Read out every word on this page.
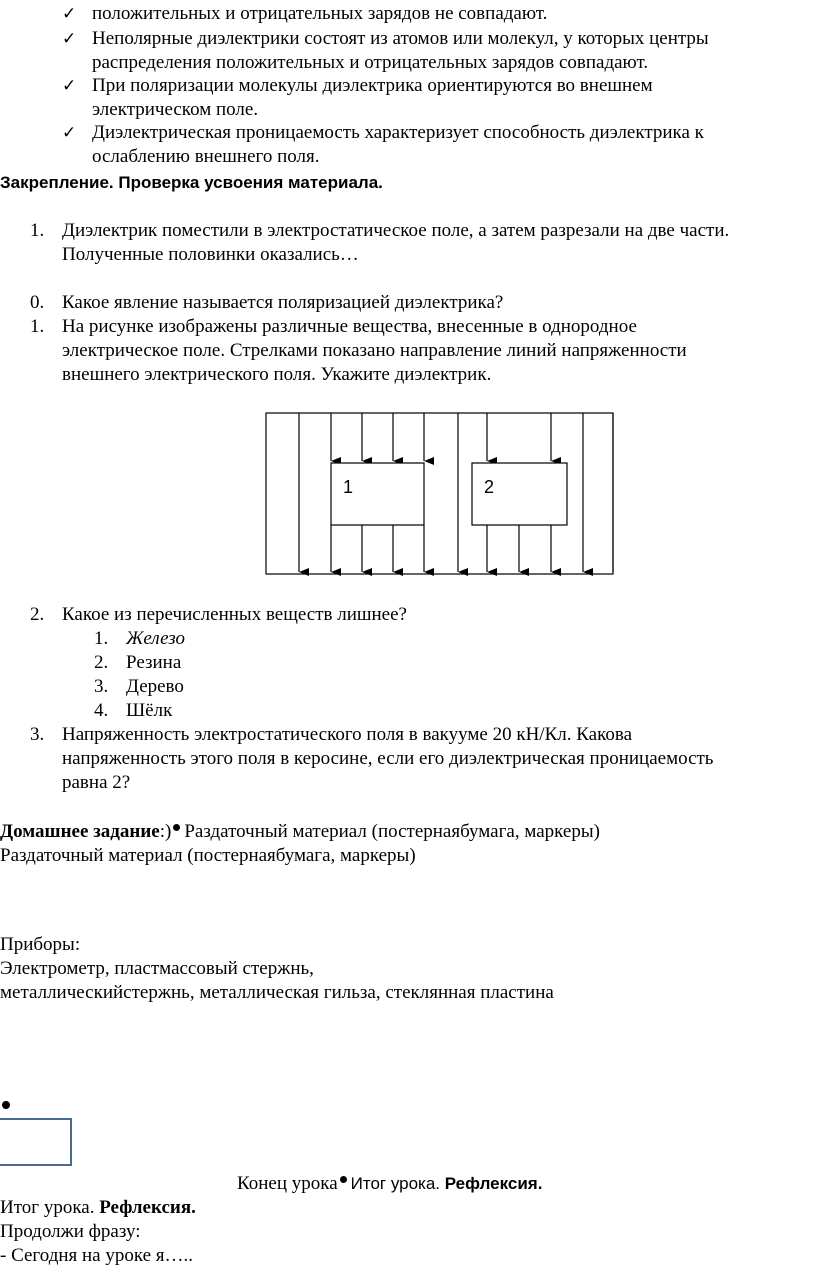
✓ положительных и отрицательных зарядов не совпадают.
✓ Неполярные диэлектрики состоят из атомов или молекул, у которых центры
распределения положительных и отрицательных зарядов совпадают.
✓ При поляризации молекулы диэлектрика ориентируются во внешнем
электрическом поле.
✓ Диэлектрическая проницаемость характеризует способность диэлектрика к
ослаблению внешнего поля.
Закрепление. Проверка усвоения материала.
1. Диэлектрик поместили в электростатическое поле, а затем разрезали на две части.
Полученные половинки оказались…
0. Какое явление называется поляризацией диэлектрика?
1. На рисунке изображены различные вещества, внесенные в однородное
электрическое поле. Стрелками показано направление линий напряженности
внешнего электрического поля. Укажите диэлектрик.
1	2
2. Какое из перечисленных веществ лишнее?
1. Железо
2. Резина
3. Дерево
4. Шёлк
3. Напряженность электростатического поля в вакууме 20 кН/Кл. Какова
напряженность этого поля в керосине, если его диэлектрическая проницаемость
равна 2?
Домашнее задание:) Раздаточный материал (постернаябумага, маркеры)
Раздаточный материал (постернаябумага, маркеры)
Приборы:
Электрометр, пластмассовый стержнь,
металлическийстержнь, металлическая гильза, стеклянная пластина
Конец урока Итог урока. Рефлексия.
Итог урока. Рефлексия.
Продолжи фразу:
- Сегодня на уроке я…..
